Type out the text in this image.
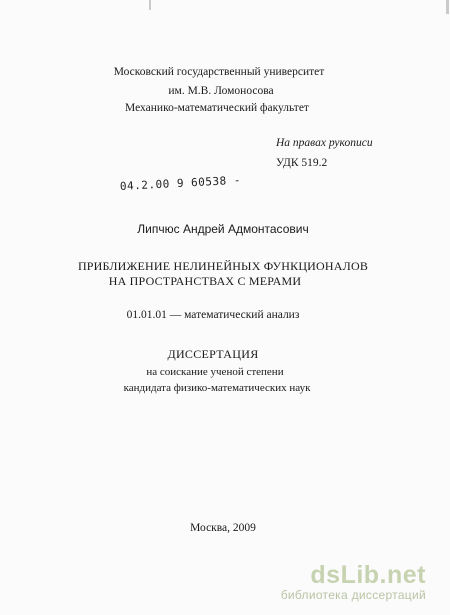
Московский государственный университет
им. М.В. Ломоносова
Механико-математический факультет
На правах рукописи
УДК 519.2
04.2.00 9 60538 -
Липчюс Андрей Адмонтасович
ПРИБЛИЖЕНИЕ НЕЛИНЕЙНЫХ ФУНКЦИОНАЛОВ
НА ПРОСТРАНСТВАХ С МЕРАМИ
01.01.01 — математический анализ
ДИССЕРТАЦИЯ
на соискание ученой степени
кандидата физико-математических наук
Москва, 2009
dsLib.net
библиотека диссертаций
